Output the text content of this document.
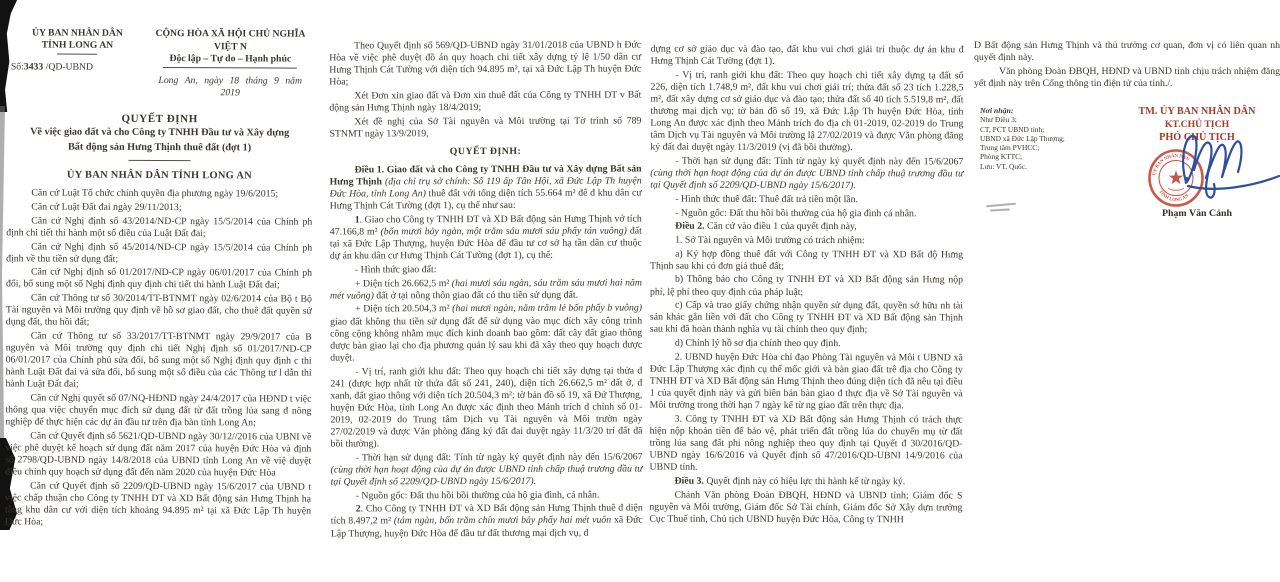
ỦY BAN NHÂN DÂN
TỈNH LONG AN
Số:3433 /QD-UBND
CỘNG HÒA XÃ HỘI CHỦ NGHĨA VIỆT N
Độc lập – Tự do – Hạnh phúc
Long An, ngày 18 tháng 9 năm 2019
QUYẾT ĐỊNH
Về việc giao đất và cho Công ty TNHH Đầu tư và Xây dựng
Bất động sản Hưng Thịnh thuê đất (đợt 1)
ỦY BAN NHÂN DÂN TỈNH LONG AN

Căn cứ Luật Tổ chức chính quyền địa phương ngày 19/6/2015;

Căn cứ Luật Đất đai ngày 29/11/2013;

Căn cứ Nghị định số 43/2014/ND-CP ngày 15/5/2014 của Chính ph định chi tiết thi hành một số điều của Luật Đất đai;

Căn cứ Nghị định số 45/2014/ND-CP ngày 15/5/2014 của Chính ph định về thu tiền sử dụng đất;

Căn cứ Nghị định số 01/2017/ND-CP ngày 06/01/2017 của Chính ph đổi, bổ sung một số Nghị định quy định chi tiết thi hành Luật Đất đai;

Căn cứ Thông tư số 30/2014/TT-BTNMT ngày 02/6/2014 của Bộ t Bộ Tài nguyên và Môi trường quy định về hồ sơ giao đất, cho thuê đất quyền sử dụng đất, thu hồi đất;

Căn cứ Thông tư số 33/2017/TT-BTNMT ngày 29/9/2017 của B nguyên và Môi trường quy định chi tiết Nghị định số 01/2017/ND-CP 06/01/2017 của Chính phủ sửa đổi, bổ sung một số Nghị định quy định c thi hành Luật Đất đai và sửa đổi, bổ sung một số điều của các Thông tư l dẫn thi hành Luật Đất đai;

Căn cứ Nghị quyết số 07/NQ-HĐND ngày 24/4/2017 của HĐND t việc thông qua việc chuyển mục đích sử dụng đất từ đất trồng lúa sang đ nông nghiệp để thực hiện các dự án đầu tư trên địa bàn tỉnh Long An;

Căn cứ Quyết định số 5621/QD-UBND ngày 30/12//2016 của UBNI về việc phê duyệt kế hoạch sử dụng đất năm 2017 của huyện Đức Hòa và định số 2798/QD-UBND ngày 14/8/2018 của UBND tỉnh Long An về việ duyệt điều chỉnh quy hoạch sử dụng đất đến năm 2020 của huyện Đức Hòa

Căn cứ Quyết định số 2209/QD-UBND ngày 15/6/2017 của UBND t việc chấp thuận cho Công ty TNHH DT và XD Bất động sản Hưng Thịnh hạ tầng khu dân cư với diện tích khoảng 94.895 m² tại xã Đức Lập Th huyện Đức Hòa;

Theo Quyết định số 569/QD-UBND ngày 31/01/2018 của UBND h Đức Hòa về việc phê duyệt đồ án quy hoạch chi tiết xây dựng tỷ lệ 1/50 dân cư Hưng Thịnh Cát Tường với diện tích 94.895 m², tại xã Đức Lập Th huyện Đức Hòa;

Xét Đơn xin giao đất và Đơn xin thuê đất của Công ty TNHH DT v Bất động sản Hưng Thịnh ngày 18/4/2019;

Xét đề nghị của Sở Tài nguyên và Môi trường tại Tờ trình số 789 STNMT ngày 13/9/2019,

QUYẾT ĐỊNH:

Điều 1. Giao đất và cho Công ty TNHH Đầu tư và Xây dựng Bất sản Hưng Thịnh (địa chỉ trụ sở chính: Số 119 ấp Tân Hội, xã Đức Lập Th huyện Đức Hòa, tỉnh Long An) thuê đất với tổng diện tích 55.664 m² để đ khu dân cư Hưng Thịnh Cát Tường (đợt 1), cụ thể như sau:

1. Giao cho Công ty TNHH ĐT và XD Bất động sản Hưng Thịnh vớ tích 47.166,8 m² (bốn mươi bảy ngàn, một trăm sáu mươi sáu phẩy tán vuông) đất tại xã Đức Lập Thượng, huyện Đức Hòa để đầu tư cơ sở hạ tần dân cư thuộc dự án khu dân cư Hưng Thịnh Cát Tường (đợt 1), cụ thể:

- Hình thức giao đất:

+ Diện tích 26.662,5 m² (hai mươi sáu ngàn, sáu trăm sáu mươi hai năm mét vuông) đất ở tại nông thôn giao đất có thu tiền sử dụng đất.

+ Diện tích 20.504,3 m² (hai mươi ngàn, năm trăm lẻ bốn phẩy b vuông) giao đất không thu tiền sử dụng đất để sử dụng vào mục đích xây công trình công cộng không nhằm mục đích kinh doanh bao gồm: đất cây đất giao thông được bàn giao lại cho địa phương quản lý sau khi đã xây theo quy hoạch được duyệt.

- Vị trí, ranh giới khu đất: Theo quy hoạch chi tiết xây dựng tại thửa đ 241 (được hợp nhất từ thửa đất số 241, 240), diện tích 26.662,5 m² đất ở, đ xanh, đất giao thông với diện tích 20.504,3 m²; tờ bản đồ số 19, xã Đứ Thượng, huyện Đức Hòa, tỉnh Long An được xác định theo Mảnh trích đ chính số 01-2019, 02-2019 do Trung tâm Dịch vụ Tài nguyên và Môi trườn ngày 27/02/2019 và được Văn phòng đăng ký đất đai duyệt ngày 11/3/20 trí đất đã bồi thường).

- Thời hạn sử dụng đất: Tính từ ngày ký quyết định này đến 15/6/2067 (cùng thời hạn hoạt động của dự án được UBND tỉnh chấp thuậ trương đầu tư tại Quyết định số 2209/QD-UBND ngày 15/6/2017).

- Nguồn gốc: Đất thu hồi bồi thường của hộ gia đình, cá nhân.

2. Cho Công ty TNHH ĐT và XD Bất động sản Hưng Thịnh thuê đ diện tích 8.497,2 m² (tám ngàn, bốn trăm chín mươi bảy phẩy hai mét vuôn xã Đức Lập Thượng, huyện Đức Hòa để đầu tư đất thương mại dịch vụ, đ

dựng cơ sở giáo dục và đào tạo, đất khu vui chơi giải trí thuộc dự án khu đ Hưng Thịnh Cát Tường (đợt 1).

- Vị trí, ranh giới khu đất: Theo quy hoạch chi tiết xây dựng tạ đất số 226, diện tích 1.748,9 m², đất khu vui chơi giải trí; thửa đất số 23 tích 1.228,5 m², đất xây dựng cơ sở giáo dục và đào tạo; thửa đất số 40 tích 5.519,8 m², đất thương mại dịch vụ; tờ bản đồ số 19, xã Đức Lập Th huyện Đức Hòa, tỉnh Long An được xác định theo Mảnh trích đo địa ch 01-2019, 02-2019 do Trung tâm Dịch vụ Tài nguyên và Môi trường lậ 27/02/2019 và được Văn phòng đăng ký đất đai duyệt ngày 11/3/2019 (vị đã bồi thường).

- Thời hạn sử dụng đất: Tính từ ngày ký quyết định này đến 15/6/2067 (cùng thời hạn hoạt động của dự án được UBND tỉnh chấp thuậ trương đầu tư tại Quyết định số 2209/QD-UBND ngày 15/6/2017).

- Hình thức thuê đất: Thuê đất trả tiền một lần.

- Nguồn gốc: Đất thu hồi bồi thường của hộ gia đình cá nhân.

Điều 2. Căn cứ vào điều 1 của quyết định này,

1. Sở Tài nguyên và Môi trường có trách nhiệm:

a) Ký hợp đồng thuê đất với Công ty TNHH ĐT và XD Bất độ Hưng Thịnh sau khi có đơn giá thuê đất;

b) Thông báo cho Công ty TNHH ĐT và XD Bất động sản Hưng nộp phí, lệ phí theo quy định của pháp luật;

c) Cấp và trao giấy chứng nhận quyền sử dụng đất, quyền sở hữu nh tài sản khác gắn liền với đất cho Công ty TNHH ĐT và XD Bất động sản Thịnh sau khi đã hoàn thành nghĩa vụ tài chính theo quy định;

d) Chỉnh lý hồ sơ địa chính theo quy định.

2. UBND huyện Đức Hòa chỉ đạo Phòng Tài nguyên và Môi t UBND xã Đức Lập Thượng xác định cụ thể mốc giới và bàn giao đất trê địa cho Công ty TNHH ĐT và XD Bất động sản Hưng Thịnh theo đúng diện tích đã nêu tại điều 1 của quyết định này và gửi biên bản bàn giao đ thực địa về Sở Tài nguyên và Môi trường trong thời hạn 7 ngày kể từ ng giao đất trên thực địa.

3. Công ty TNHH ĐT và XD Bất động sản Hưng Thịnh có trách thực hiện nộp khoản tiền để bảo vệ, phát triển đất trồng lúa do chuyển mụ từ đất trồng lúa sang đất phi nông nghiệp theo quy định tại Quyết đ 30/2016/QD-UBND ngày 16/6/2016 và Quyết định số 47/2016/QD-UBNI 14/9/2016 của UBND tỉnh.

Điều 3. Quyết định này có hiệu lực thi hành kể từ ngày ký.

Chánh Văn phòng Đoàn ĐBQH, HĐND và UBND tỉnh; Giám đốc S nguyên và Môi trường, Giám đốc Sở Tài chính, Giám đốc Sở Xây dựn trưởng Cục Thuế tỉnh, Chủ tịch UBND huyện Đức Hòa, Công ty TNHH

D Bất động sản Hưng Thịnh và thủ trưởng cơ quan, đơn vị có liên quan nh quyết định này.

Văn phòng Đoàn ĐBQH, HĐND và UBND tỉnh chịu trách nhiệm đăng yết định này trên Cổng thông tin điện tử của tỉnh./.

Nơi nhận:
Như Điều 3;
CT, PCT UBND tỉnh;
UBND xã Đức Lập Thượng;
Trung tâm PVHCC;
Phòng KTTC;
Lưu: VT, Quốc.
TM. ỦY BAN NHÂN DÂN
KT.CHỦ TỊCH
PHÓ CHỦ TỊCH
ỦY BAN NHÂN DÂN
TỈNH LONG AN
Phạm Văn Cảnh
